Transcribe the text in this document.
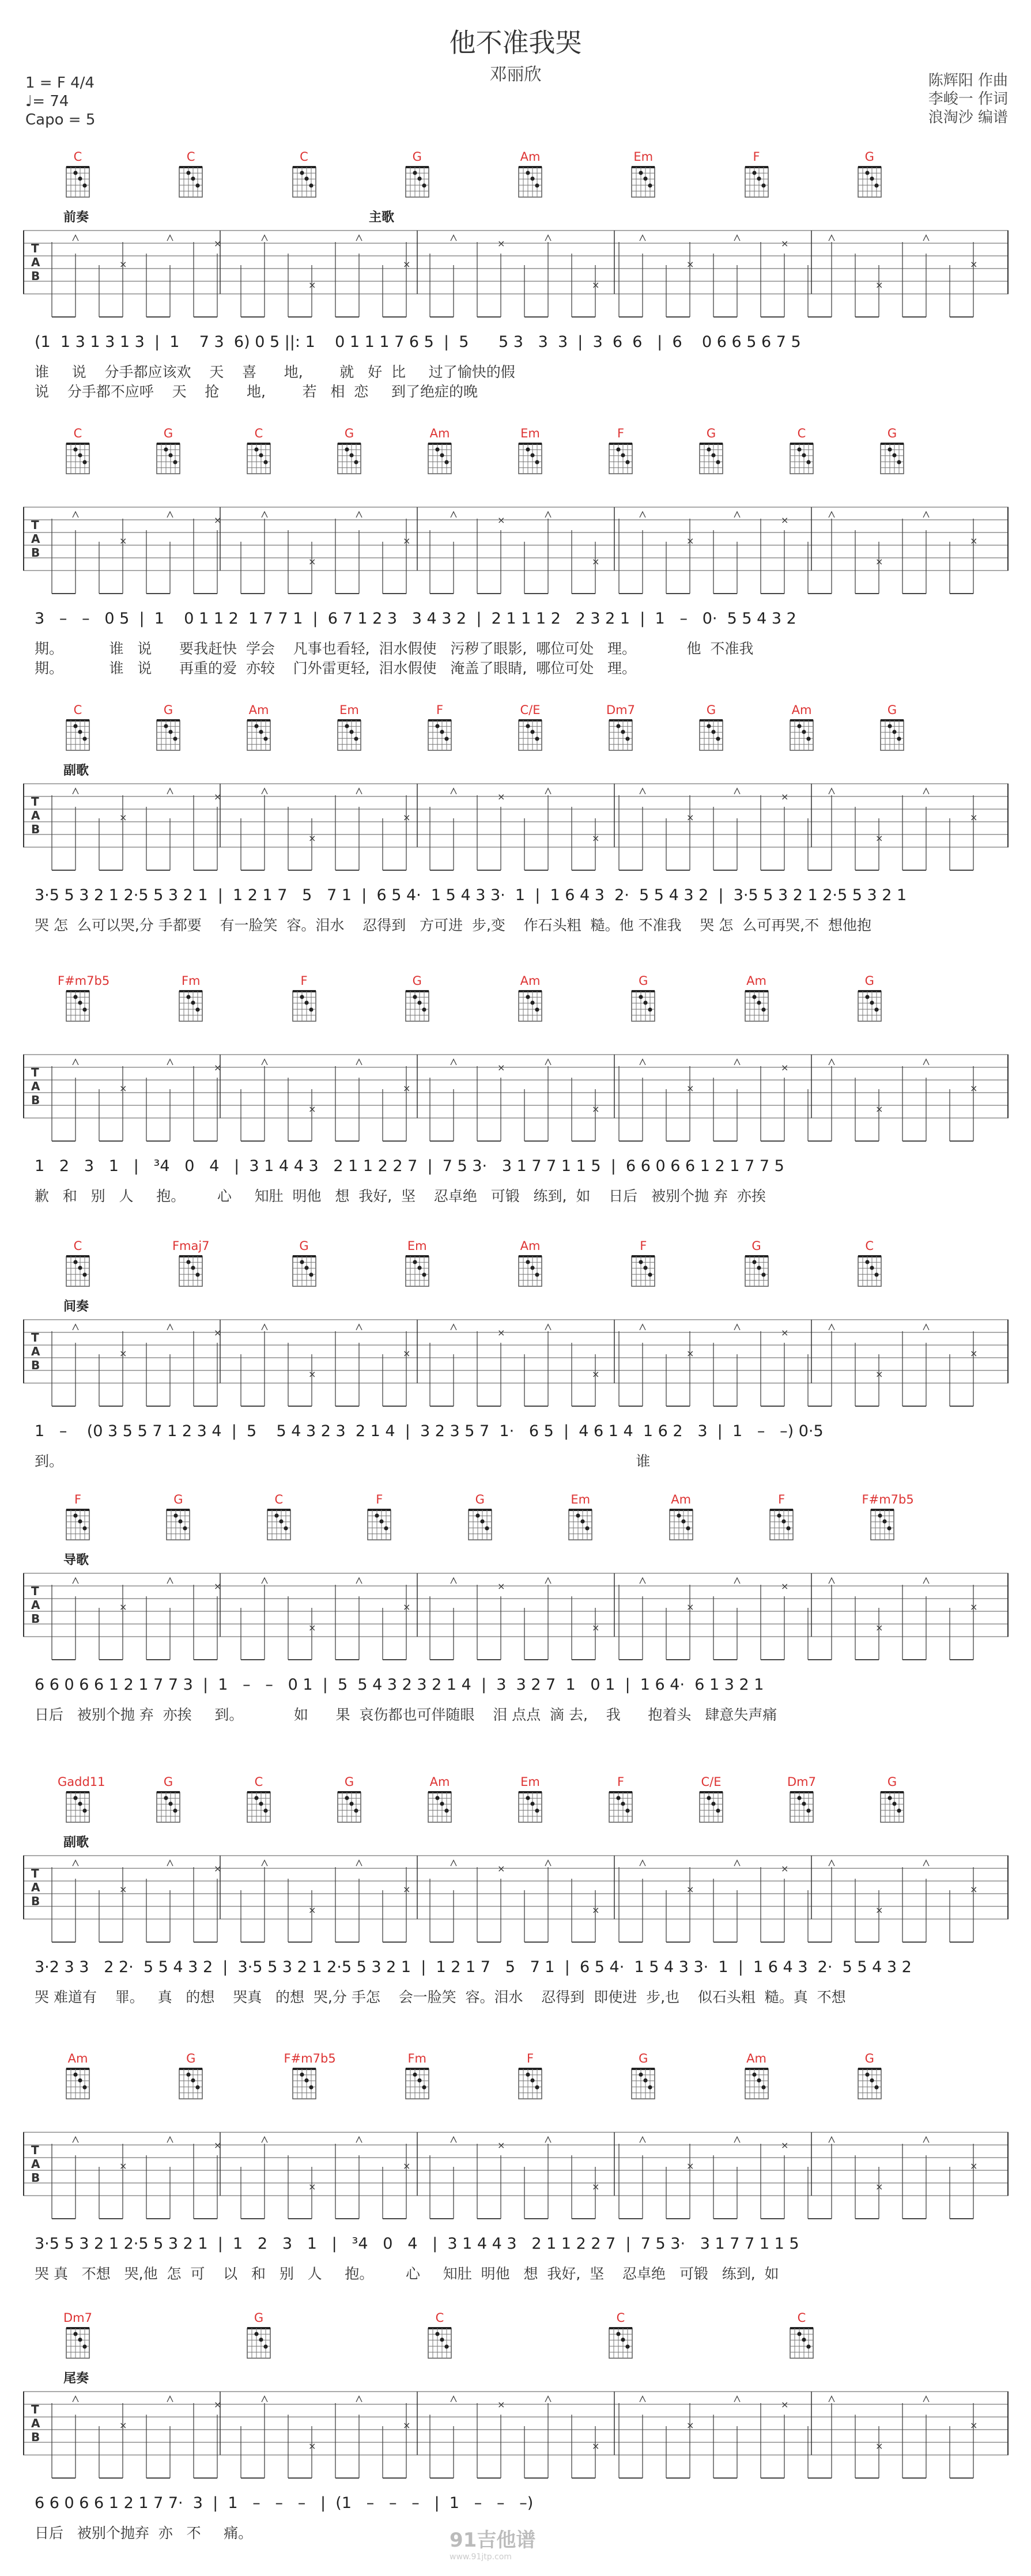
他不准我哭
邓丽欣
1 = F 4/4
♩= 74
Capo = 5
陈辉阳 作曲
李峻一 作词
浪淘沙 编谱
C	C	C	G	Am	Em	F	G
前奏	主歌
T
A
B
×
×
×
×
×
×
×
×
×
×
(1  1 3 1 3 1 3  |  1    7 3  6) 0 5 ||: 1    0 1 1 1 7 6 5  |  5      5 3   3  3  |  3  6  6   |  6    0 6 6 5 6 7 5
谁     说    分手都应该欢    天    喜      地,        就   好  比     过了愉快的假
说    分手都不应呼    天    抢      地,        若   相  恋     到了绝症的晚
C	G	C	G	Am	Em	F	G	C	G
T
A
B
×
×
×
×
×
×
×
×
×
×
3   –   –   0 5  |  1    0 1 1 2  1 7 7 1  |  6 7 1 2 3   3 4 3 2  |  2 1 1 1 2   2 3 2 1  |  1   –   0·  5 5 4 3 2
期。          谁   说      要我赶快  学会    凡事也看轻,  泪水假使   污秽了眼影,  哪位可处   理。           他  不准我
期。          谁   说      再重的爱  亦较    门外雷更轻,  泪水假使   淹盖了眼睛,  哪位可处   理。
C	G	Am	Em	F	C/E	Dm7	G	Am	G
副歌
T
A
B
×
×
×
×
×
×
×
×
×
×
3·5 5 3 2 1 2·5 5 3 2 1  |  1 2 1 7   5   7 1  |  6 5 4·  1 5 4 3 3·  1  |  1 6 4 3  2·  5 5 4 3 2  |  3·5 5 3 2 1 2·5 5 3 2 1
哭 怎  么可以哭,分 手都要    有一脸笑  容。泪水    忍得到   方可进  步,变    作石头粗  糙。他 不准我    哭 怎  么可再哭,不  想他抱
F#m7b5	Fm	F	G	Am	G	Am	G
T
A
B
×
×
×
×
×
×
×
×
×
×
1   2   3   1   |   ³4   0   4   |  3 1 4 4 3   2 1 1 2 2 7  |  7 5 3·   3 1 7 7 1 1 5  |  6 6 0 6 6 1 2 1 7 7 5
歉   和   别   人     抱。       心     知肚  明他   想  我好,  坚    忍卓绝   可锻   练到,  如    日后   被别个抛 弃  亦挨
C	Fmaj7	G	Em	Am	F	G	C
间奏
T
A
B
×
×
×
×
×
×
×
×
×
×
1   –    (0 3 5 5 7 1 2 3 4  |  5    5 4 3 2 3  2 1 4  |  3 2 3 5 7  1·   6 5  |  4 6 1 4  1 6 2   3  |  1   –   –) 0·5
到。                                                                                                                             谁
F	G	C	F	G	Em	Am	F	F#m7b5
导歌
T
A
B
×
×
×
×
×
×
×
×
×
×
6 6 0 6 6 1 2 1 7 7 3  |  1   –   –   0 1  |  5  5 4 3 2 3 2 1 4  |  3  3 2 7  1   0 1  |  1 6 4·  6 1 3 2 1
日后   被别个抛 弃  亦挨     到。           如      果  哀伤都也可伴随眼    泪 点点  滴 去,    我      抱着头   肆意失声痛
Gadd11	G	C	G	Am	Em	F	C/E	Dm7	G
副歌
T
A
B
×
×
×
×
×
×
×
×
×
×
3·2 3 3   2 2·  5 5 4 3 2  |  3·5 5 3 2 1 2·5 5 3 2 1  |  1 2 1 7   5   7 1  |  6 5 4·  1 5 4 3 3·  1  |  1 6 4 3  2·  5 5 4 3 2
哭 难道有    罪。   真   的想    哭真   的想  哭,分 手怎    会一脸笑  容。泪水    忍得到  即使进  步,也    似石头粗  糙。真  不想
Am	G	F#m7b5	Fm	F	G	Am	G
T
A
B
×
×
×
×
×
×
×
×
×
×
3·5 5 3 2 1 2·5 5 3 2 1  |  1   2   3   1   |   ³4   0   4   |  3 1 4 4 3   2 1 1 2 2 7  |  7 5 3·   3 1 7 7 1 1 5
哭 真   不想   哭,他  怎  可    以   和   别   人     抱。       心     知肚  明他   想  我好,  坚    忍卓绝   可锻   练到,  如
Dm7	G	C	C	C
尾奏
T
A
B
×
×
×
×
×
×
×
×
×
×
6 6 0 6 6 1 2 1 7 7·  3  |  1   –   –   –   |  (1   –   –   –   |  1   –   –   –)
日后   被别个抛弃  亦   不     痛。	91吉他谱
www.91jtp.com
